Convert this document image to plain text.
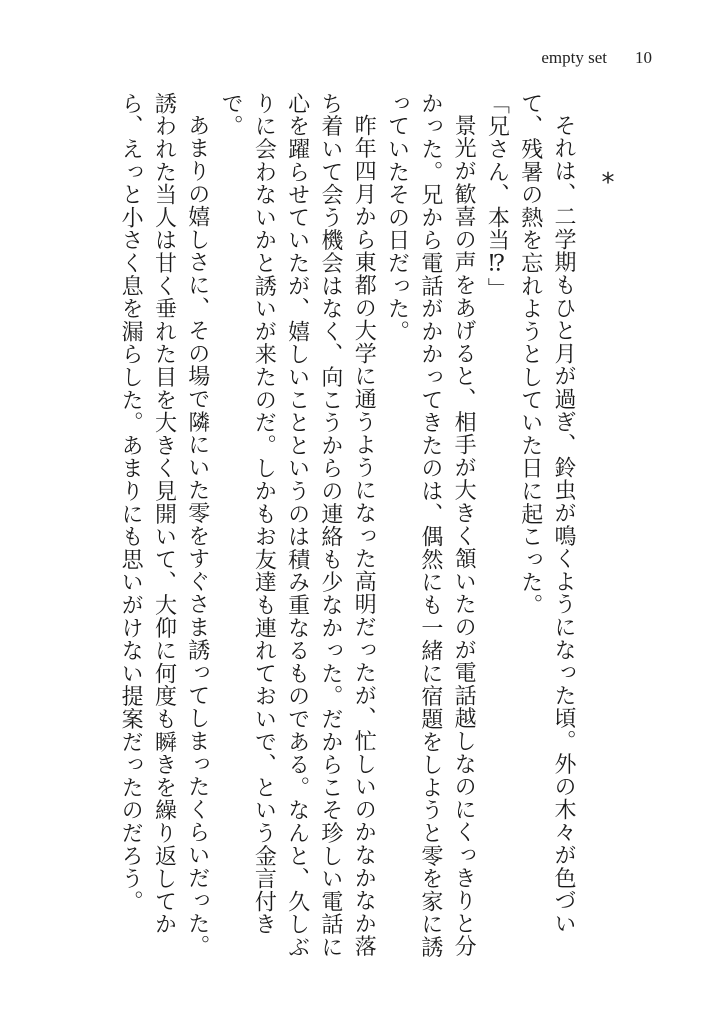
empty set 10
*

それは、二学期もひと月が過ぎ、鈴虫が鳴くようになった頃。外の木々が色づいて、残暑の熱を忘れようとしていた日に起こった。

「兄さん、本当⁉」

景光が歓喜の声をあげると、相手が大きく頷いたのが電話越しなのにくっきりと分かった。兄から電話がかかってきたのは、偶然にも一緒に宿題をしようと零を家に誘っていたその日だった。

昨年四月から東都の大学に通うようになった高明だったが、忙しいのかなかなか落ち着いて会う機会はなく、向こうからの連絡も少なかった。だからこそ珍しい電話に心を躍らせていたが、嬉しいことというのは積み重なるものである。なんと、久しぶりに会わないかと誘いが来たのだ。しかもお友達も連れておいで、という金言付きで。

あまりの嬉しさに、その場で隣にいた零をすぐさま誘ってしまったくらいだった。誘われた当人は甘く垂れた目を大きく見開いて、大仰に何度も瞬きを繰り返してから、えっと小さく息を漏らした。あまりにも思いがけない提案だったのだろう。
